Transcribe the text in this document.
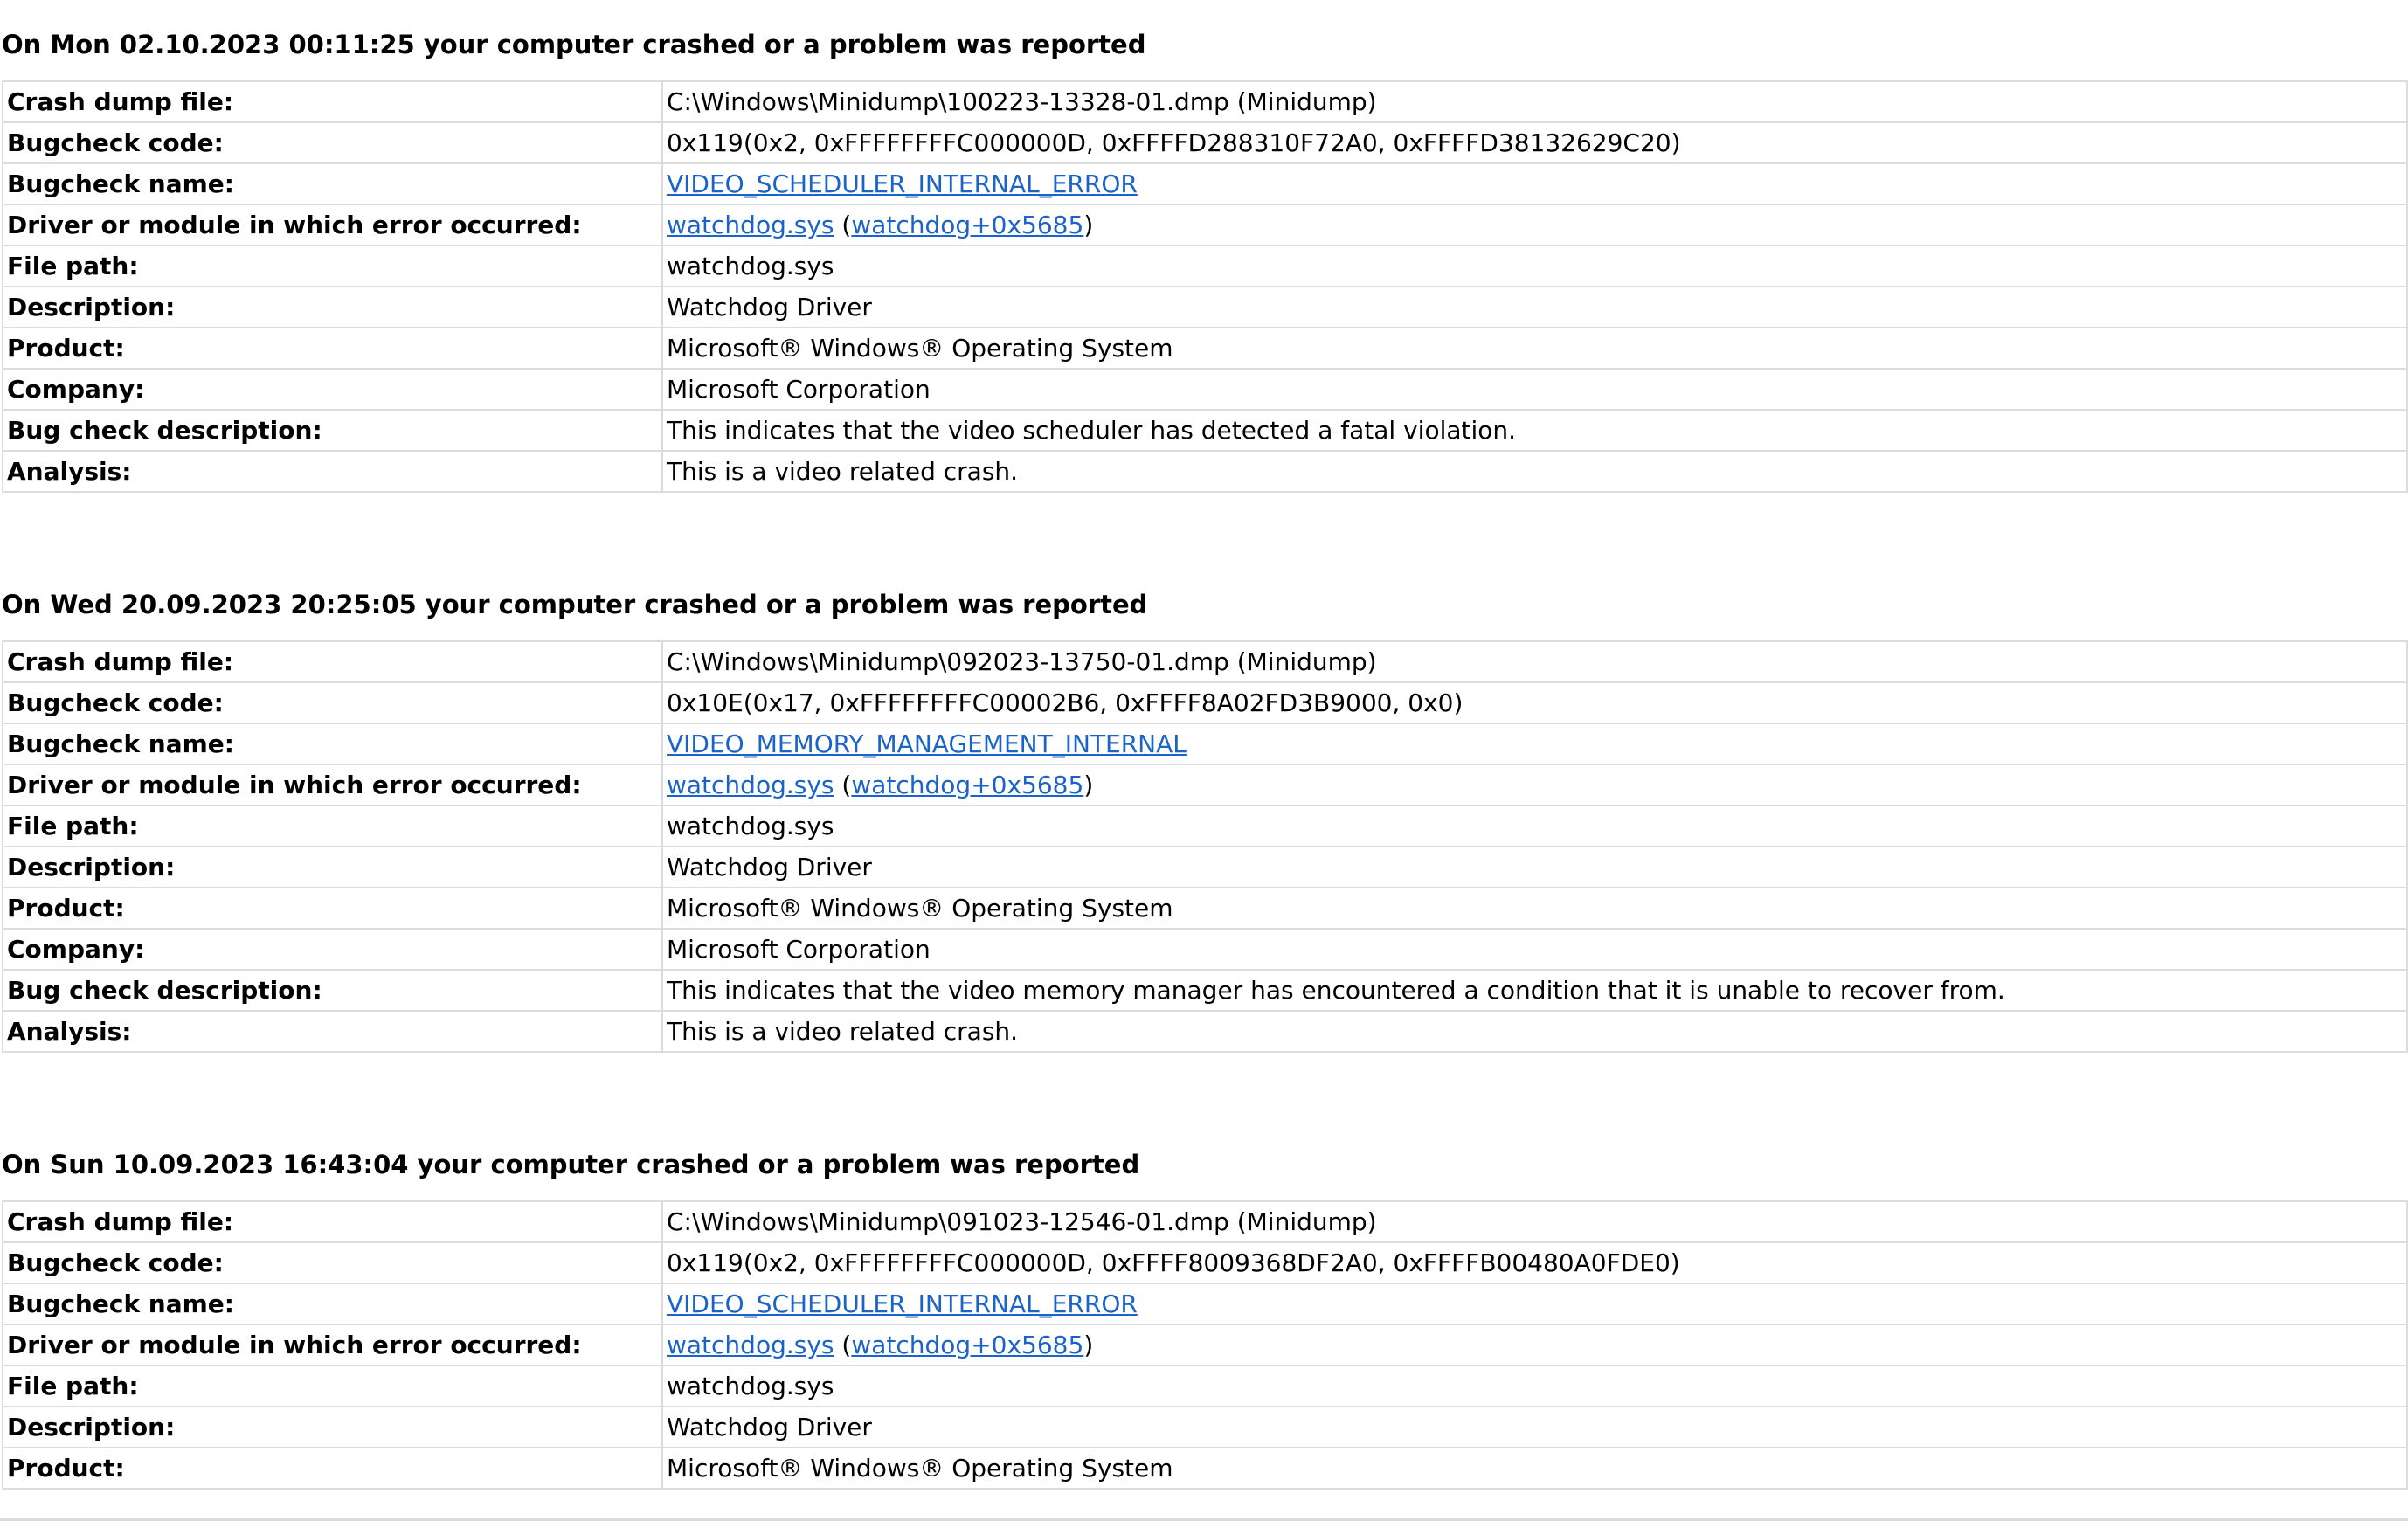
On Mon 02.10.2023 00:11:25 your computer crashed or a problem was reported
Crash dump file:	C:\Windows\Minidump\100223-13328-01.dmp (Minidump)
Bugcheck code:	0x119(0x2, 0xFFFFFFFFC000000D, 0xFFFFD288310F72A0, 0xFFFFD38132629C20)
Bugcheck name:	VIDEO_SCHEDULER_INTERNAL_ERROR
Driver or module in which error occurred:	watchdog.sys (watchdog+0x5685)
File path:	watchdog.sys
Description:	Watchdog Driver
Product:	Microsoft® Windows® Operating System
Company:	Microsoft Corporation
Bug check description:	This indicates that the video scheduler has detected a fatal violation.
Analysis:	This is a video related crash.
On Wed 20.09.2023 20:25:05 your computer crashed or a problem was reported
Crash dump file:	C:\Windows\Minidump\092023-13750-01.dmp (Minidump)
Bugcheck code:	0x10E(0x17, 0xFFFFFFFFC00002B6, 0xFFFF8A02FD3B9000, 0x0)
Bugcheck name:	VIDEO_MEMORY_MANAGEMENT_INTERNAL
Driver or module in which error occurred:	watchdog.sys (watchdog+0x5685)
File path:	watchdog.sys
Description:	Watchdog Driver
Product:	Microsoft® Windows® Operating System
Company:	Microsoft Corporation
Bug check description:	This indicates that the video memory manager has encountered a condition that it is unable to recover from.
Analysis:	This is a video related crash.
On Sun 10.09.2023 16:43:04 your computer crashed or a problem was reported
Crash dump file:	C:\Windows\Minidump\091023-12546-01.dmp (Minidump)
Bugcheck code:	0x119(0x2, 0xFFFFFFFFC000000D, 0xFFFF8009368DF2A0, 0xFFFFB00480A0FDE0)
Bugcheck name:	VIDEO_SCHEDULER_INTERNAL_ERROR
Driver or module in which error occurred:	watchdog.sys (watchdog+0x5685)
File path:	watchdog.sys
Description:	Watchdog Driver
Product:	Microsoft® Windows® Operating System
